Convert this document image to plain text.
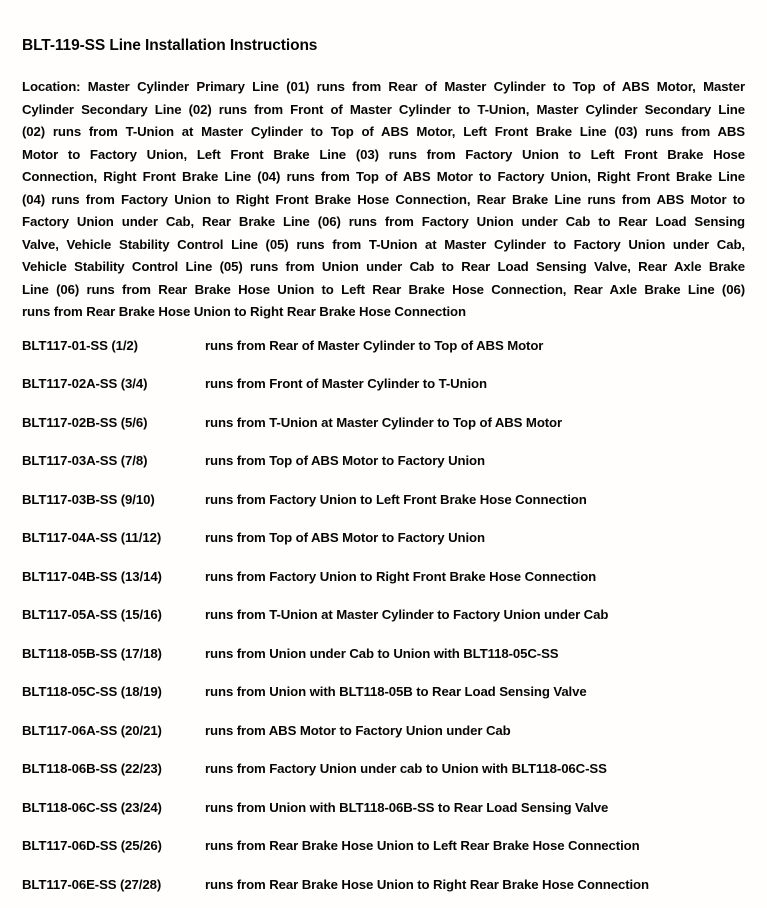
BLT-119-SS Line Installation Instructions
Location: Master Cylinder Primary Line (01) runs from Rear of Master Cylinder to Top of ABS Motor, Master
Cylinder Secondary Line (02) runs from Front of Master Cylinder to T-Union, Master Cylinder Secondary Line
(02) runs from T-Union at Master Cylinder to Top of ABS Motor, Left Front Brake Line (03) runs from ABS
Motor to Factory Union, Left Front Brake Line (03) runs from Factory Union to Left Front Brake Hose
Connection, Right Front Brake Line (04) runs from Top of ABS Motor to Factory Union, Right Front Brake Line
(04) runs from Factory Union to Right Front Brake Hose Connection, Rear Brake Line runs from ABS Motor to
Factory Union under Cab, Rear Brake Line (06) runs from Factory Union under Cab to Rear Load Sensing
Valve, Vehicle Stability Control Line (05) runs from T-Union at Master Cylinder to Factory Union under Cab,
Vehicle Stability Control Line (05) runs from Union under Cab to Rear Load Sensing Valve, Rear Axle Brake
Line (06) runs from Rear Brake Hose Union to Left Rear Brake Hose Connection, Rear Axle Brake Line (06)
runs from Rear Brake Hose Union to Right Rear Brake Hose Connection
BLT117-01-SS (1/2)	runs from Rear of Master Cylinder to Top of ABS Motor
BLT117-02A-SS (3/4)	runs from Front of Master Cylinder to T-Union
BLT117-02B-SS (5/6)	runs from T-Union at Master Cylinder to Top of ABS Motor
BLT117-03A-SS (7/8)	runs from Top of ABS Motor to Factory Union
BLT117-03B-SS (9/10)	runs from Factory Union to Left Front Brake Hose Connection
BLT117-04A-SS (11/12)	runs from Top of ABS Motor to Factory Union
BLT117-04B-SS (13/14)	runs from Factory Union to Right Front Brake Hose Connection
BLT117-05A-SS (15/16)	runs from T-Union at Master Cylinder to Factory Union under Cab
BLT118-05B-SS (17/18)	runs from Union under Cab to Union with BLT118-05C-SS
BLT118-05C-SS (18/19)	runs from Union with BLT118-05B to Rear Load Sensing Valve
BLT117-06A-SS (20/21)	runs from ABS Motor to Factory Union under Cab
BLT118-06B-SS (22/23)	runs from Factory Union under cab to Union with BLT118-06C-SS
BLT118-06C-SS (23/24)	runs from Union with BLT118-06B-SS to Rear Load Sensing Valve
BLT117-06D-SS (25/26)	runs from Rear Brake Hose Union to Left Rear Brake Hose Connection
BLT117-06E-SS (27/28)	runs from Rear Brake Hose Union to Right Rear Brake Hose Connection
